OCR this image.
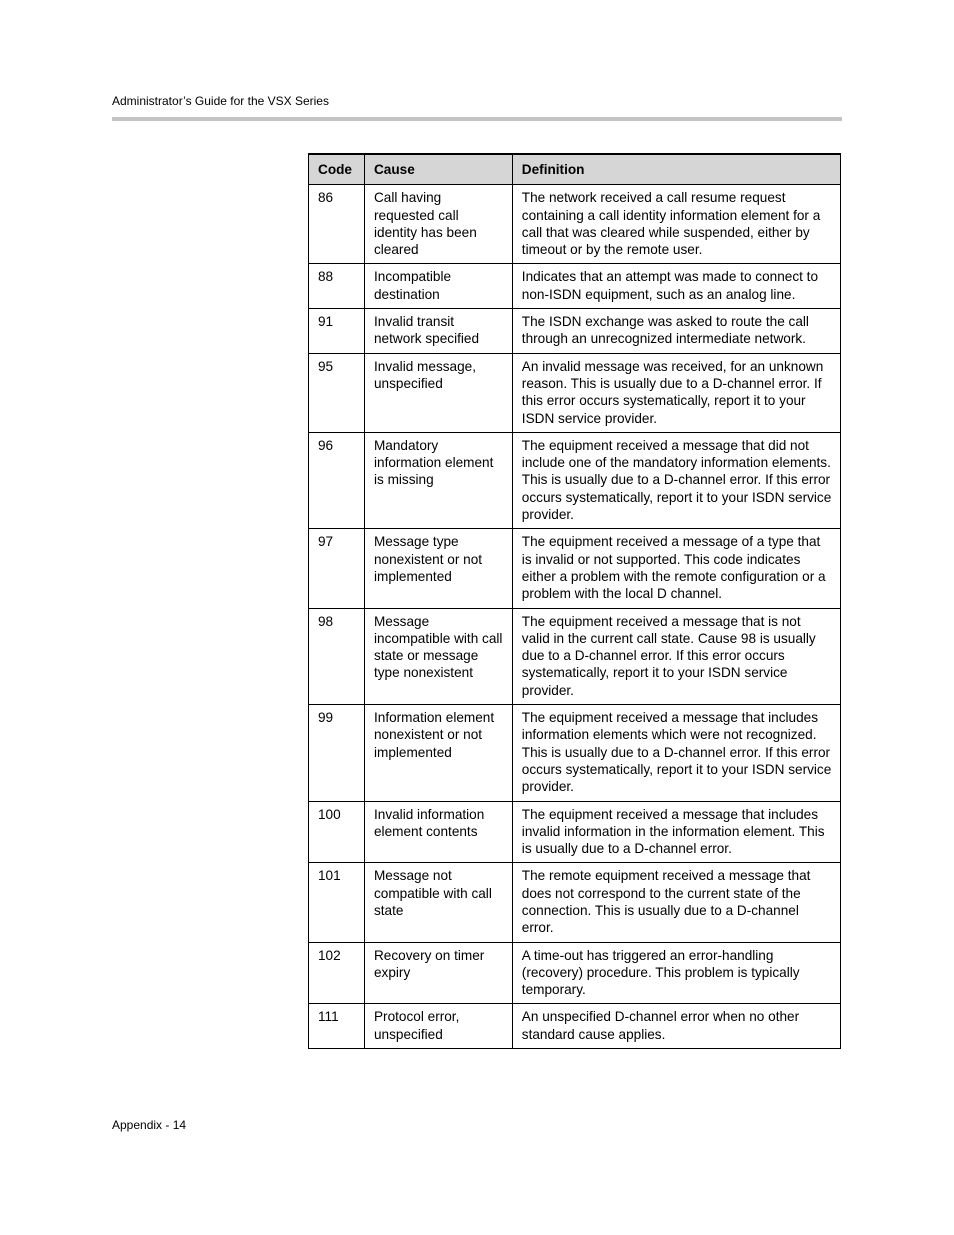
Administrator’s Guide for the VSX Series
Code	Cause	Definition
86	Call having requested call identity has been cleared	The network received a call resume request containing a call identity information element for a call that was cleared while suspended, either by timeout or by the remote user.
88	Incompatible destination	Indicates that an attempt was made to connect to non-ISDN equipment, such as an analog line.
91	Invalid transit network specified	The ISDN exchange was asked to route the call through an unrecognized intermediate network.
95	Invalid message, unspecified	An invalid message was received, for an unknown reason. This is usually due to a D-channel error. If this error occurs systematically, report it to your ISDN service provider.
96	Mandatory information element is missing	The equipment received a message that did not include one of the mandatory information elements. This is usually due to a D-channel error. If this error occurs systematically, report it to your ISDN service provider.
97	Message type nonexistent or not implemented	The equipment received a message of a type that is invalid or not supported. This code indicates either a problem with the remote configuration or a problem with the local D channel.
98	Message incompatible with call state or message type nonexistent	The equipment received a message that is not valid in the current call state. Cause 98 is usually due to a D-channel error. If this error occurs systematically, report it to your ISDN service provider.
99	Information element nonexistent or not implemented	The equipment received a message that includes information elements which were not recognized. This is usually due to a D-channel error. If this error occurs systematically, report it to your ISDN service provider.
100	Invalid information element contents	The equipment received a message that includes invalid information in the information element. This is usually due to a D-channel error.
101	Message not compatible with call state	The remote equipment received a message that does not correspond to the current state of the connection. This is usually due to a D-channel error.
102	Recovery on timer expiry	A time-out has triggered an error-handling (recovery) procedure. This problem is typically temporary.
111	Protocol error, unspecified	An unspecified D-channel error when no other standard cause applies.
Appendix - 14
